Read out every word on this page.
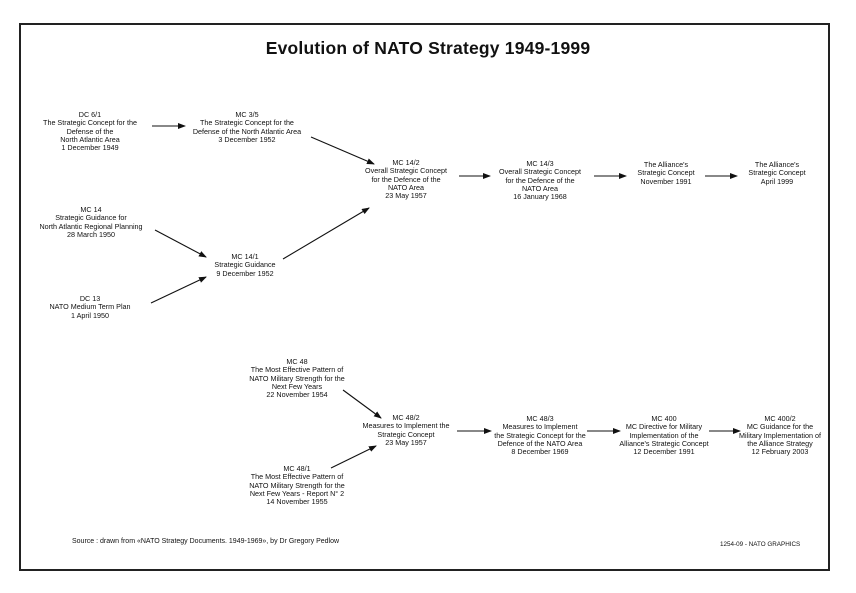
Evolution of NATO Strategy 1949-1999
DC 6/1
The Strategic Concept for the
Defense of the
North Atlantic Area
1 December 1949
MC 3/5
The Strategic Concept for the
Defense of the North Atlantic Area
3 December 1952
MC 14
Strategic Guidance for
North Atlantic Regional Planning
28 March 1950
DC 13
NATO Medium Term Plan
1 April 1950
MC 14/1
Strategic Guidance
9 December 1952
MC 14/2
Overall Strategic Concept
for the Defence of the
NATO Area
23 May 1957
MC 14/3
Overall Strategic Concept
for the Defence of the
NATO Area
16 January 1968
The Alliance's
Strategic Concept
November 1991
The Alliance's
Strategic Concept
April 1999
MC 48
The Most Effective Pattern of
NATO Military Strength for the
Next Few Years
22 November 1954
MC 48/1
The Most Effective Pattern of
NATO Military Strength for the
Next Few Years - Report N° 2
14 November 1955
MC 48/2
Measures to Implement the
Strategic Concept
23 May 1957
MC 48/3
Measures to Implement
the Strategic Concept for the
Defence of the NATO Area
8 December 1969
MC 400
MC Directive for Military
Implementation of the
Alliance's Strategic Concept
12 December 1991
MC 400/2
MC Guidance for the
Military Implementation of
the Alliance Strategy
12 February 2003
Source : drawn from «NATO Strategy Documents. 1949-1969», by Dr Gregory Pedlow	1254-09 - NATO GRAPHICS
